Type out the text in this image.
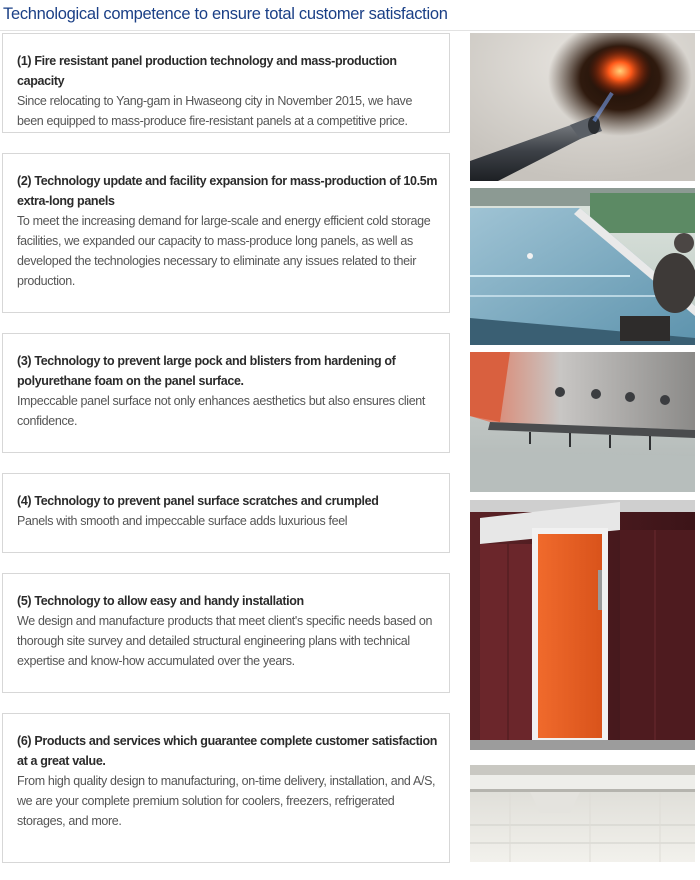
Technological competence to ensure total customer satisfaction

(1) Fire resistant panel production technology and mass-production capacity

Since relocating to Yang-gam in Hwaseong city in November 2015, we have been equipped to mass-produce fire-resistant panels at a competitive price.

(2) Technology update and facility expansion for mass-production of 10.5m extra-long panels

To meet the increasing demand for large-scale and energy efficient cold storage facilities, we expanded our capacity to mass-produce long panels, as well as developed the technologies necessary to eliminate any issues related to their production.

(3) Technology to prevent large pock and blisters from hardening of polyurethane foam on the panel surface.

Impeccable panel surface not only enhances aesthetics but also ensures client confidence.

(4) Technology to prevent panel surface scratches and crumpled

Panels with smooth and impeccable surface adds luxurious feel

(5) Technology to allow easy and handy installation

We design and manufacture products that meet client's specific needs based on thorough site survey and detailed structural engineering plans with technical expertise and know-how accumulated over the years.

(6) Products and services which guarantee complete customer satisfaction at a great value.

From high quality design to manufacturing, on-time delivery, installation, and A/S, we are your complete premium solution for coolers, freezers, refrigerated storages, and more.
